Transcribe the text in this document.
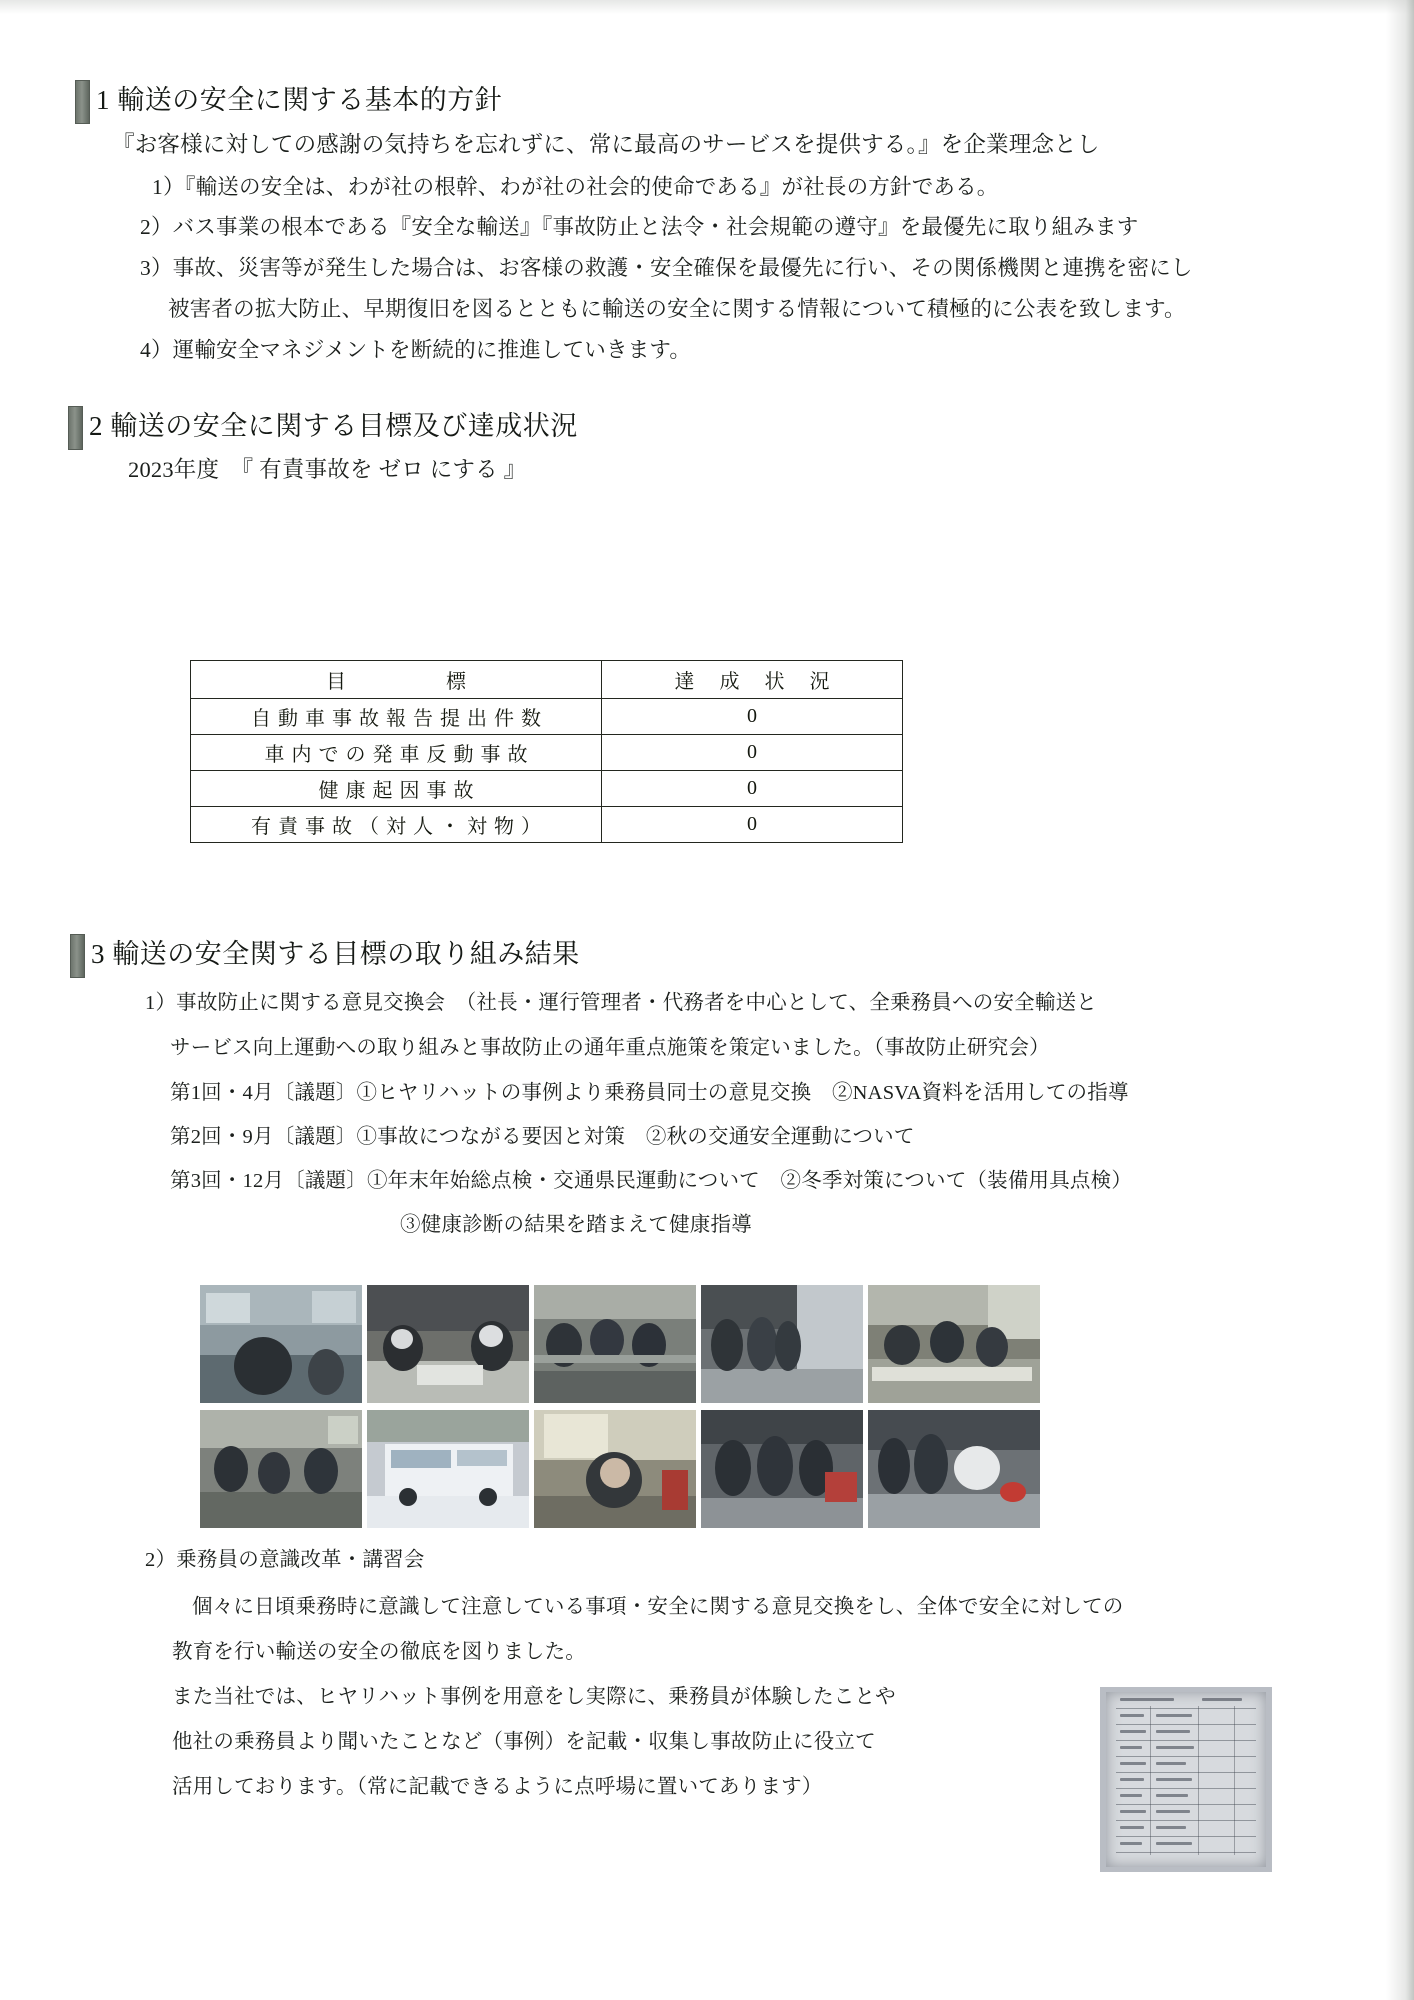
1 輸送の安全に関する基本的方針
『お客様に対しての感謝の気持ちを忘れずに、常に最高のサービスを提供する。』を企業理念とし
1）『輸送の安全は、わが社の根幹、わが社の社会的使命である』が社長の方針である。
2）バス事業の根本である『安全な輸送』『事故防止と法令・社会規範の遵守』を最優先に取り組みます
3）事故、災害等が発生した場合は、お客様の救護・安全確保を最優先に行い、その関係機関と連携を密にし
被害者の拡大防止、早期復旧を図るとともに輸送の安全に関する情報について積極的に公表を致します。
4）運輸安全マネジメントを断続的に推進していきます。
2 輸送の安全に関する目標及び達成状況
2023年度　『 有責事故を ゼロ にする 』
目　　　標	達 成 状 況
自動車事故報告提出件数	0
車内での発車反動事故	0
健康起因事故	0
有責事故（対人・対物）	0
3 輸送の安全関する目標の取り組み結果
1）事故防止に関する意見交換会　（社長・運行管理者・代務者を中心として、全乗務員への安全輸送と
サービス向上運動への取り組みと事故防止の通年重点施策を策定いました。（事故防止研究会）
第1回・4月〔議題〕①ヒヤリハットの事例より乗務員同士の意見交換　②NASVA資料を活用しての指導
第2回・9月〔議題〕①事故につながる要因と対策　②秋の交通安全運動について
第3回・12月〔議題〕①年末年始総点検・交通県民運動について　②冬季対策について（装備用具点検）
③健康診断の結果を踏まえて健康指導
2）乗務員の意識改革・講習会
個々に日頃乗務時に意識して注意している事項・安全に関する意見交換をし、全体で安全に対しての
教育を行い輸送の安全の徹底を図りました。
また当社では、ヒヤリハット事例を用意をし実際に、乗務員が体験したことや
他社の乗務員より聞いたことなど（事例）を記載・収集し事故防止に役立て
活用しております。（常に記載できるように点呼場に置いてあります）
